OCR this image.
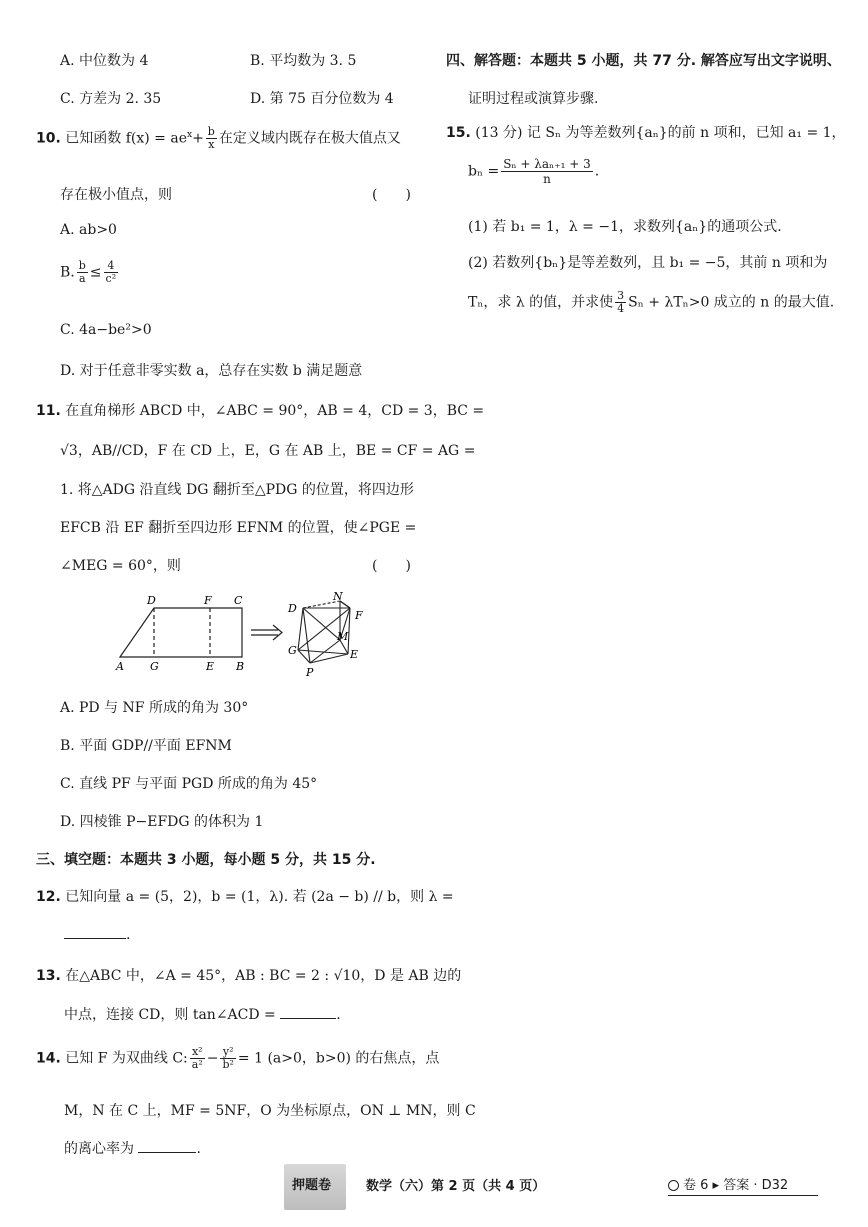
A. 中位数为 4	B. 平均数为 3. 5
C. 方差为 2. 35	D. 第 75 百分位数为 4
10. 已知函数 $f(x) = ae^x+ \frac{b}{x}$ 在定义域内既存在极大值点又
存在极小值点，则	(　　)
A. ab>0
B. $\frac{b}{a} \le \frac{4}{\text{c²}}$
C. 4a−be²>0
D. 对于任意非零实数 a，总存在实数 b 满足题意
11. 在直角梯形 ABCD 中，∠ABC = 90°，AB = 4，CD = 3，BC =
√3，AB//CD，F 在 CD 上，E，G 在 AB 上，BE = CF = AG =
1. 将△ADG 沿直线 DG 翻折至△PDG 的位置，将四边形
EFCB 沿 EF 翻折至四边形 EFNM 的位置，使∠PGE =
∠MEG = 60°，则	(　　)
D	F C
A G	E B
D
N
F
M
G	E
P
A. PD 与 NF 所成的角为 30°
B. 平面 GDP//平面 EFNM
C. 直线 PF 与平面 PGD 所成的角为 45°
D. 四棱锥 P−EFDG 的体积为 1
三、填空题：本题共 3 小题，每小题 5 分，共 15 分.
12. 已知向量 a = (5，2)，b = (1，λ). 若 (2a − b) // b，则 λ =
.
13. 在△ABC 中，∠A = 45°，AB : BC = 2 : √10，D 是 AB 边的
中点，连接 CD，则 tan∠ACD =	.
14. 已知 F 为双曲线 C: $\frac{\text{x²}}{\text{a²}} - \frac{\text{y²}}{\text{b²}} = 1$ (a>0，b>0) 的右焦点，点
M，N 在 C 上，MF = 5NF，O 为坐标原点，ON ⊥ MN，则 C
的离心率为	.
四、解答题：本题共 5 小题，共 77 分. 解答应写出文字说明、
证明过程或演算步骤.
15. (13 分) 记 Sₙ 为等差数列{aₙ}的前 n 项和，已知 a₁ = 1，
$b_n = \frac{\text{Sₙ + λaₙ₊₁ + 3}}{n}$ .
(1) 若 b₁ = 1，λ = −1，求数列{aₙ}的通项公式.
(2) 若数列{bₙ}是等差数列，且 b₁ = −5，其前 n 项和为
Tₙ，求 λ 的值，并求使 $\frac{3}{4}$ Sₙ + λTₙ>0 成立的 n 的最大值.
押题卷	数学（六）第 2 页（共 4 页）	卷 6 ▸ 答案 · D32
